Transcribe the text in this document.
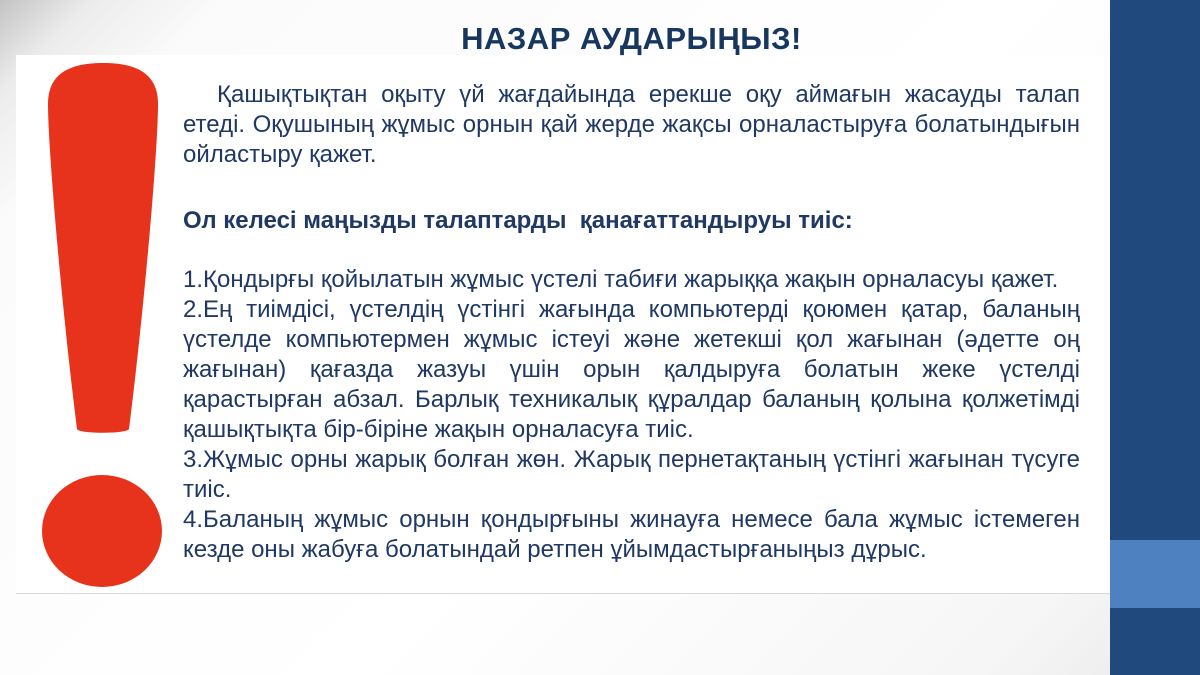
НАЗАР АУДАРЫҢЫЗ!

Қашықтықтан оқыту үй жағдайында ерекше оқу аймағын жасауды талап етеді. Оқушының жұмыс орнын қай жерде жақсы орналастыруға болатындығын ойластыру қажет.

Ол келесі маңызды талаптарды  қанағаттандыруы тиіс:

1.Қондырғы қойылатын жұмыс үстелі табиғи жарыққа жақын орналасуы қажет.

2.Ең тиімдісі, үстелдің үстінгі жағында компьютерді қоюмен қатар, баланың үстелде компьютермен жұмыс істеуі және жетекші қол жағынан (әдетте оң жағынан) қағазда жазуы үшін орын қалдыруға болатын жеке үстелді қарастырған абзал. Барлық техникалық құралдар баланың қолына қолжетімді қашықтықта бір-біріне жақын орналасуға тиіс.

3.Жұмыс орны жарық болған жөн. Жарық пернетақтаның үстінгі жағынан түсуге тиіс.

4.Баланың жұмыс орнын қондырғыны жинауға немесе бала жұмыс істемеген кезде оны жабуға болатындай ретпен ұйымдастырғаныңыз дұрыс.
